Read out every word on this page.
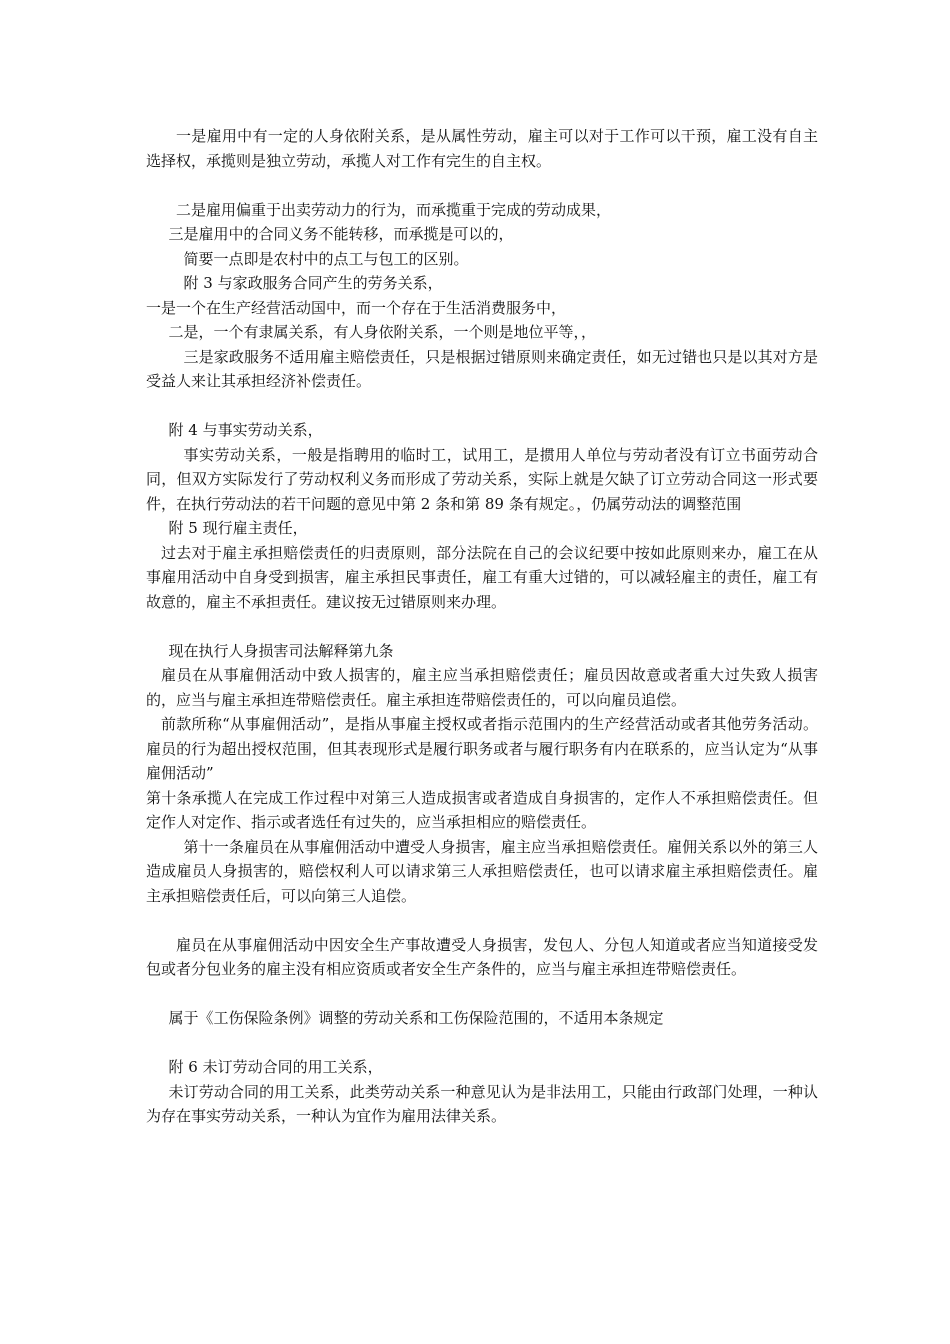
一是雇用中有一定的人身依附关系，是从属性劳动，雇主可以对于工作可以干预，雇工没有自主选择权，承揽则是独立劳动，承揽人对工作有完生的自主权。

二是雇用偏重于出卖劳动力的行为，而承揽重于完成的劳动成果，

三是雇用中的合同义务不能转移，而承揽是可以的，

简要一点即是农村中的点工与包工的区别。

附 3 与家政服务合同产生的劳务关系，

一是一个在生产经营活动国中，而一个存在于生活消费服务中，

二是，一个有隶属关系，有人身依附关系，一个则是地位平等，，

三是家政服务不适用雇主赔偿责任，只是根据过错原则来确定责任，如无过错也只是以其对方是受益人来让其承担经济补偿责任。

附 4 与事实劳动关系，

事实劳动关系，一般是指聘用的临时工，试用工，是掼用人单位与劳动者没有订立书面劳动合同，但双方实际发行了劳动权利义务而形成了劳动关系，实际上就是欠缺了订立劳动合同这一形式要件，在执行劳动法的若干问题的意见中第 2 条和第 89 条有规定。，仍属劳动法的调整范围

附 5 现行雇主责任，

过去对于雇主承担赔偿责任的归责原则，部分法院在自己的会议纪要中按如此原则来办，雇工在从事雇用活动中自身受到损害，雇主承担民事责任，雇工有重大过错的，可以减轻雇主的责任，雇工有故意的，雇主不承担责任。建议按无过错原则来办理。

现在执行人身损害司法解释第九条

雇员在从事雇佣活动中致人损害的，雇主应当承担赔偿责任；雇员因故意或者重大过失致人损害的，应当与雇主承担连带赔偿责任。雇主承担连带赔偿责任的，可以向雇员追偿。

前款所称“从事雇佣活动”，是指从事雇主授权或者指示范围内的生产经营活动或者其他劳务活动。雇员的行为超出授权范围，但其表现形式是履行职务或者与履行职务有内在联系的，应当认定为“从事雇佣活动”

第十条承揽人在完成工作过程中对第三人造成损害或者造成自身损害的，定作人不承担赔偿责任。但定作人对定作、指示或者选任有过失的，应当承担相应的赔偿责任。

第十一条雇员在从事雇佣活动中遭受人身损害，雇主应当承担赔偿责任。雇佣关系以外的第三人造成雇员人身损害的，赔偿权利人可以请求第三人承担赔偿责任，也可以请求雇主承担赔偿责任。雇主承担赔偿责任后，可以向第三人追偿。

雇员在从事雇佣活动中因安全生产事故遭受人身损害，发包人、分包人知道或者应当知道接受发包或者分包业务的雇主没有相应资质或者安全生产条件的，应当与雇主承担连带赔偿责任。

属于《工伤保险条例》调整的劳动关系和工伤保险范围的，不适用本条规定

附 6 未订劳动合同的用工关系，

未订劳动合同的用工关系，此类劳动关系一种意见认为是非法用工，只能由行政部门处理，一种认为存在事实劳动关系，一种认为宜作为雇用法律关系。
